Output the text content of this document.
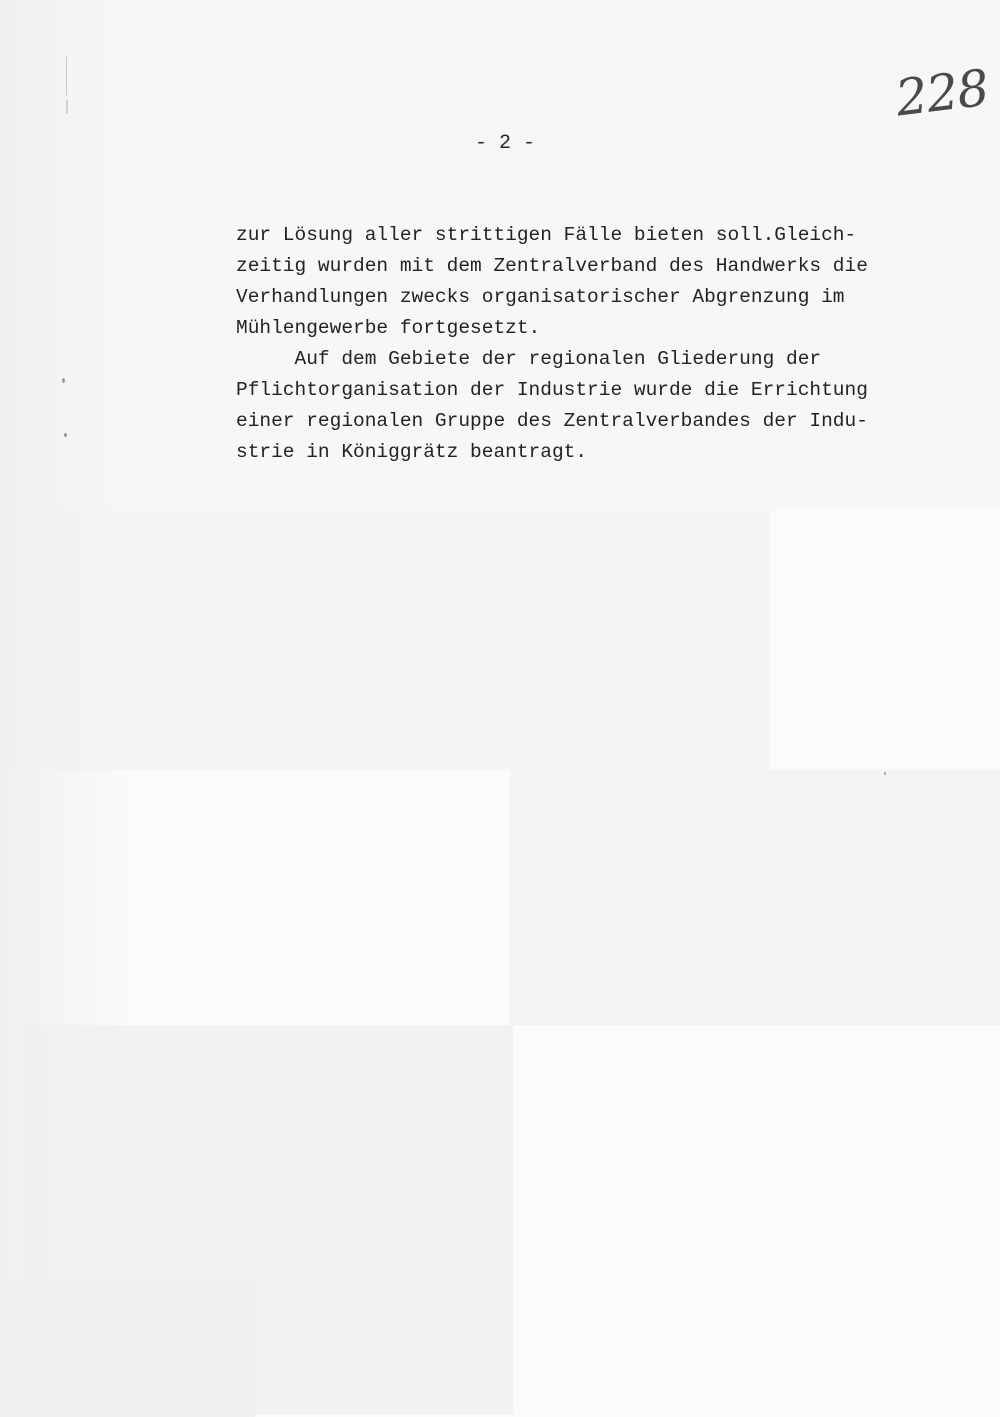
228
- 2 -
zur Lösung aller strittigen Fälle bieten soll.Gleich-
zeitig wurden mit dem Zentralverband des Handwerks die
Verhandlungen zwecks organisatorischer Abgrenzung im
Mühlengewerbe fortgesetzt.
Auf dem Gebiete der regionalen Gliederung der
Pflichtorganisation der Industrie wurde die Errichtung
einer regionalen Gruppe des Zentralverbandes der Indu-
strie in Königgrätz beantragt.
